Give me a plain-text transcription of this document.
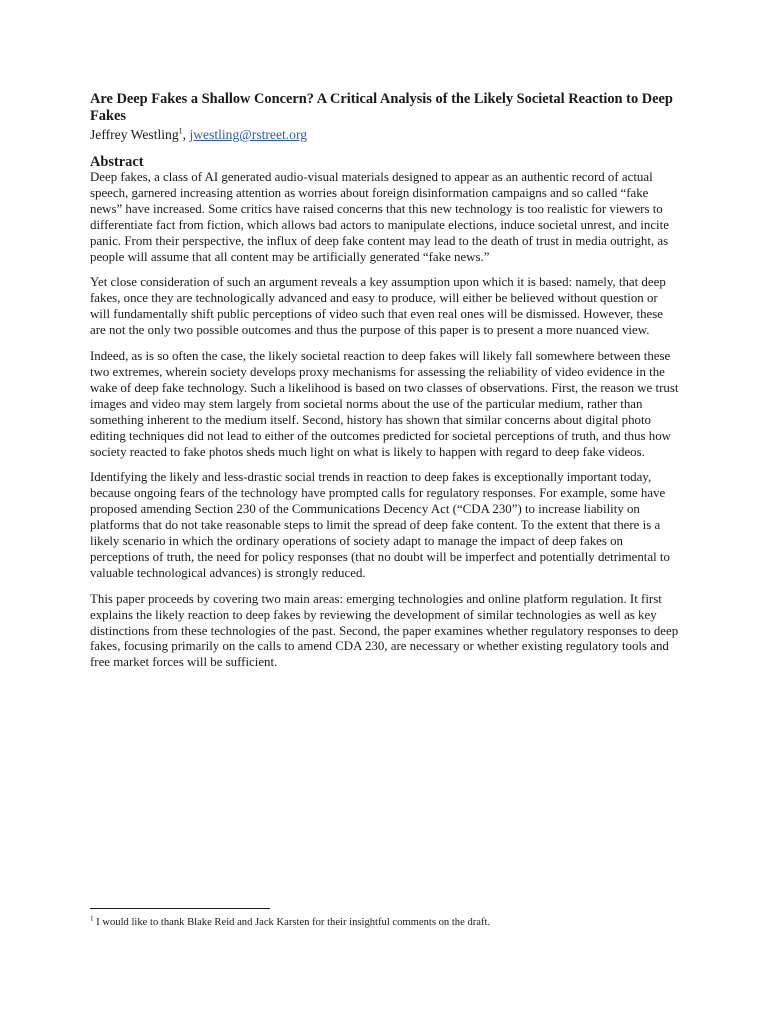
Are Deep Fakes a Shallow Concern? A Critical Analysis of the Likely Societal Reaction to Deep Fakes
Jeffrey Westling$^1$, jwestling@rstreet.org
Abstract

Deep fakes, a class of AI generated audio-visual materials designed to appear as an authentic record of actual speech, garnered increasing attention as worries about foreign disinformation campaigns and so called “fake news” have increased. Some critics have raised concerns that this new technology is too realistic for viewers to differentiate fact from fiction, which allows bad actors to manipulate elections, induce societal unrest, and incite panic. From their perspective, the influx of deep fake content may lead to the death of trust in media outright, as people will assume that all content may be artificially generated “fake news.”

Yet close consideration of such an argument reveals a key assumption upon which it is based: namely, that deep fakes, once they are technologically advanced and easy to produce, will either be believed without question or will fundamentally shift public perceptions of video such that even real ones will be dismissed. However, these are not the only two possible outcomes and thus the purpose of this paper is to present a more nuanced view.

Indeed, as is so often the case, the likely societal reaction to deep fakes will likely fall somewhere between these two extremes, wherein society develops proxy mechanisms for assessing the reliability of video evidence in the wake of deep fake technology. Such a likelihood is based on two classes of observations. First, the reason we trust images and video may stem largely from societal norms about the use of the particular medium, rather than something inherent to the medium itself. Second, history has shown that similar concerns about digital photo editing techniques did not lead to either of the outcomes predicted for societal perceptions of truth, and thus how society reacted to fake photos sheds much light on what is likely to happen with regard to deep fake videos.

Identifying the likely and less-drastic social trends in reaction to deep fakes is exceptionally important today, because ongoing fears of the technology have prompted calls for regulatory responses. For example, some have proposed amending Section 230 of the Communications Decency Act (“CDA 230”) to increase liability on platforms that do not take reasonable steps to limit the spread of deep fake content. To the extent that there is a likely scenario in which the ordinary operations of society adapt to manage the impact of deep fakes on perceptions of truth, the need for policy responses (that no doubt will be imperfect and potentially detrimental to valuable technological advances) is strongly reduced.

This paper proceeds by covering two main areas: emerging technologies and online platform regulation. It first explains the likely reaction to deep fakes by reviewing the development of similar technologies as well as key distinctions from these technologies of the past. Second, the paper examines whether regulatory responses to deep fakes, focusing primarily on the calls to amend CDA 230, are necessary or whether existing regulatory tools and free market forces will be sufficient.

$^1$ I would like to thank Blake Reid and Jack Karsten for their insightful comments on the draft.
